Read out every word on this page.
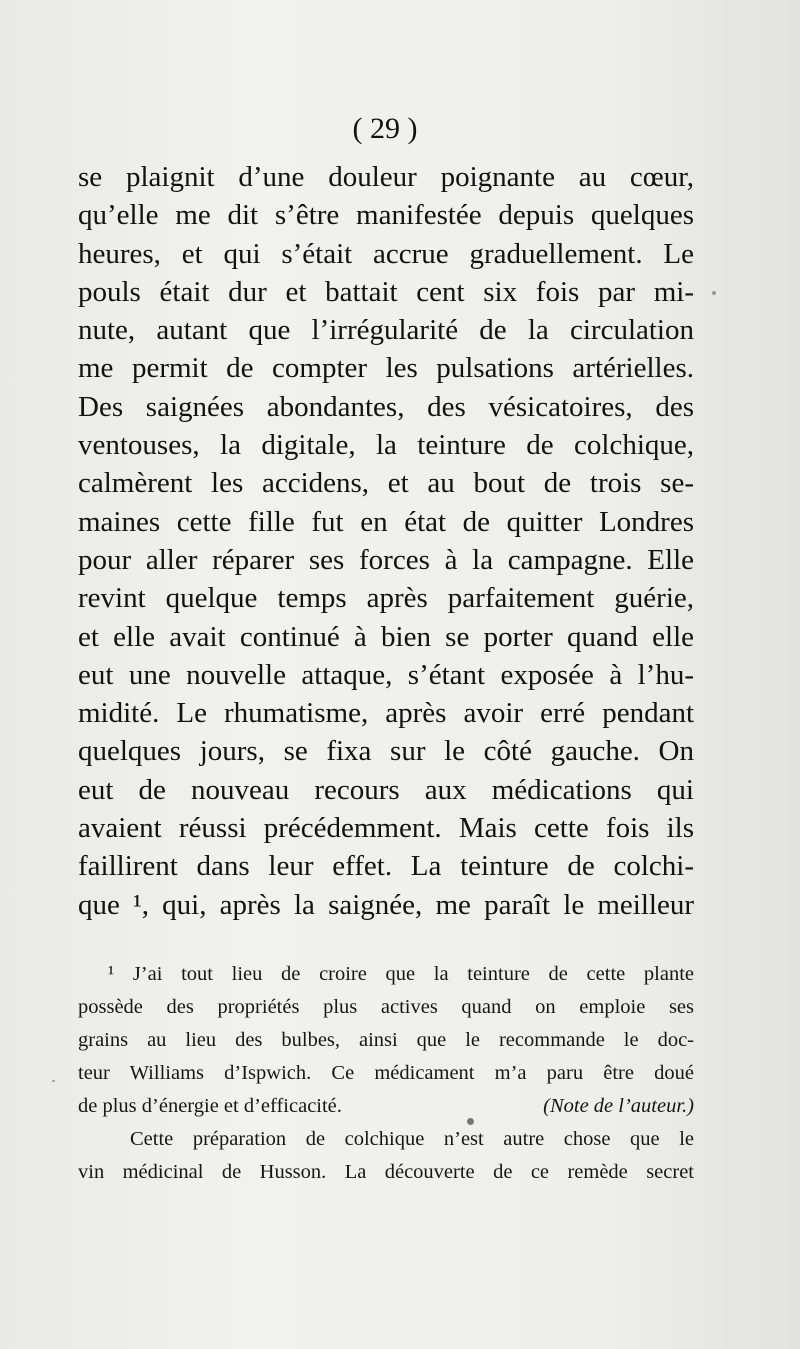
( 29 )
se plaignit d’une douleur poignante au cœur,
qu’elle me dit s’être manifestée depuis quelques
heures, et qui s’était accrue graduellement. Le
pouls était dur et battait cent six fois par mi-
nute, autant que l’irrégularité de la circulation
me permit de compter les pulsations artérielles.
Des saignées abondantes, des vésicatoires, des
ventouses, la digitale, la teinture de colchique,
calmèrent les accidens, et au bout de trois se-
maines cette fille fut en état de quitter Londres
pour aller réparer ses forces à la campagne. Elle
revint quelque temps après parfaitement guérie,
et elle avait continué à bien se porter quand elle
eut une nouvelle attaque, s’étant exposée à l’hu-
midité. Le rhumatisme, après avoir erré pendant
quelques jours, se fixa sur le côté gauche. On
eut de nouveau recours aux médications qui
avaient réussi précédemment. Mais cette fois ils
faillirent dans leur effet. La teinture de colchi-
que ¹, qui, après la saignée, me paraît le meilleur
¹ J’ai tout lieu de croire que la teinture de cette plante
possède des propriétés plus actives quand on emploie ses
grains au lieu des bulbes, ainsi que le recommande le doc-
teur Williams d’Ispwich. Ce médicament m’a paru être doué
de plus d’énergie et d’efficacité.	(Note de l’auteur.)
Cette préparation de colchique n’est autre chose que le
vin médicinal de Husson. La découverte de ce remède secret
